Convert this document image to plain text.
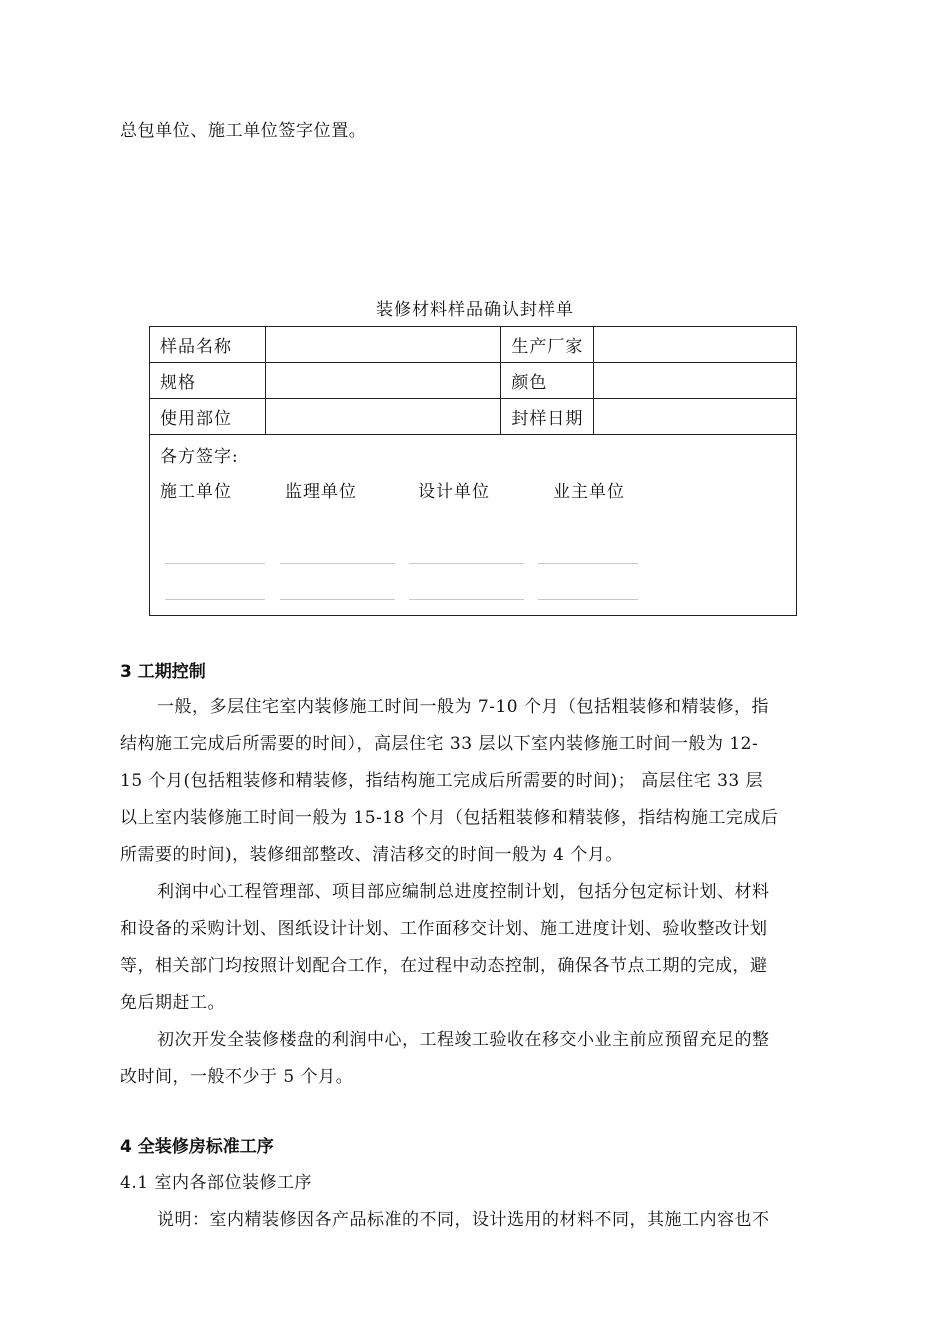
总包单位、施工单位签字位置。
装修材料样品确认封样单
样品名称		生产厂家	
规格		颜色	
使用部位		封样日期	

各方签字:
施工单位 监理单位 设计单位 业主单位			
3 工期控制
一般，多层住宅室内装修施工时间一般为 7-10 个月（包括粗装修和精装修，指
结构施工完成后所需要的时间），高层住宅 33 层以下室内装修施工时间一般为 12-
15 个月(包括粗装修和精装修，指结构施工完成后所需要的时间)； 高层住宅 33 层
以上室内装修施工时间一般为 15-18 个月（包括粗装修和精装修，指结构施工完成后
所需要的时间)，装修细部整改、清洁移交的时间一般为 4 个月。
利润中心工程管理部、项目部应编制总进度控制计划，包括分包定标计划、材料
和设备的采购计划、图纸设计计划、工作面移交计划、施工进度计划、验收整改计划
等，相关部门均按照计划配合工作，在过程中动态控制，确保各节点工期的完成，避
免后期赶工。
初次开发全装修楼盘的利润中心，工程竣工验收在移交小业主前应预留充足的整
改时间，一般不少于 5 个月。
4 全装修房标准工序
4.1 室内各部位装修工序
说明：室内精装修因各产品标准的不同，设计选用的材料不同，其施工内容也不
